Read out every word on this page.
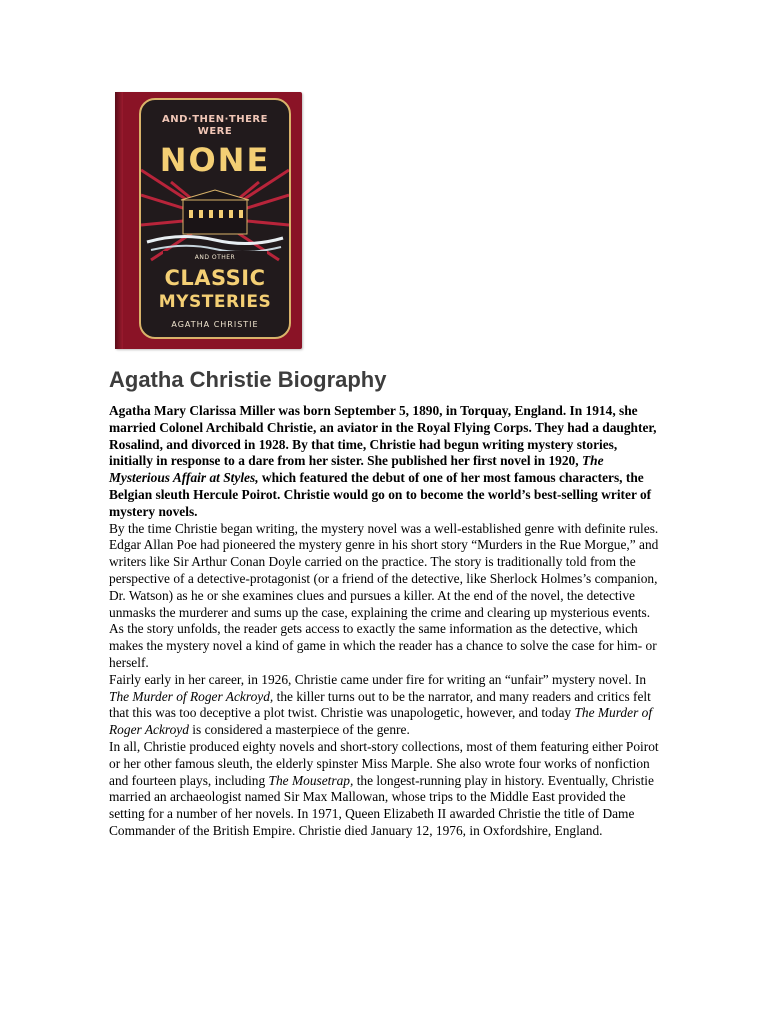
AND·THEN·THERE
WERE
NONE
AND OTHER
CLASSIC
MYSTERIES
AGATHA CHRISTIE
Agatha Christie Biography

Agatha Mary Clarissa Miller was born September 5, 1890, in Torquay, England. In 1914, she married Colonel Archibald Christie, an aviator in the Royal Flying Corps. They had a daughter, Rosalind, and divorced in 1928. By that time, Christie had begun writing mystery stories, initially in response to a dare from her sister. She published her first novel in 1920, The Mysterious Affair at Styles, which featured the debut of one of her most famous characters, the Belgian sleuth Hercule Poirot. Christie would go on to become the world’s best-selling writer of mystery novels.

By the time Christie began writing, the mystery novel was a well-established genre with definite rules. Edgar Allan Poe had pioneered the mystery genre in his short story “Murders in the Rue Morgue,” and writers like Sir Arthur Conan Doyle carried on the practice. The story is traditionally told from the perspective of a detective-protagonist (or a friend of the detective, like Sherlock Holmes’s companion, Dr. Watson) as he or she examines clues and pursues a killer. At the end of the novel, the detective unmasks the murderer and sums up the case, explaining the crime and clearing up mysterious events. As the story unfolds, the reader gets access to exactly the same information as the detective, which makes the mystery novel a kind of game in which the reader has a chance to solve the case for him- or herself.

Fairly early in her career, in 1926, Christie came under fire for writing an “unfair” mystery novel. In The Murder of Roger Ackroyd, the killer turns out to be the narrator, and many readers and critics felt that this was too deceptive a plot twist. Christie was unapologetic, however, and today The Murder of Roger Ackroyd is considered a masterpiece of the genre.

In all, Christie produced eighty novels and short-story collections, most of them featuring either Poirot or her other famous sleuth, the elderly spinster Miss Marple. She also wrote four works of nonfiction and fourteen plays, including The Mousetrap, the longest-running play in history. Eventually, Christie married an archaeologist named Sir Max Mallowan, whose trips to the Middle East provided the setting for a number of her novels. In 1971, Queen Elizabeth II awarded Christie the title of Dame Commander of the British Empire. Christie died January 12, 1976, in Oxfordshire, England.
